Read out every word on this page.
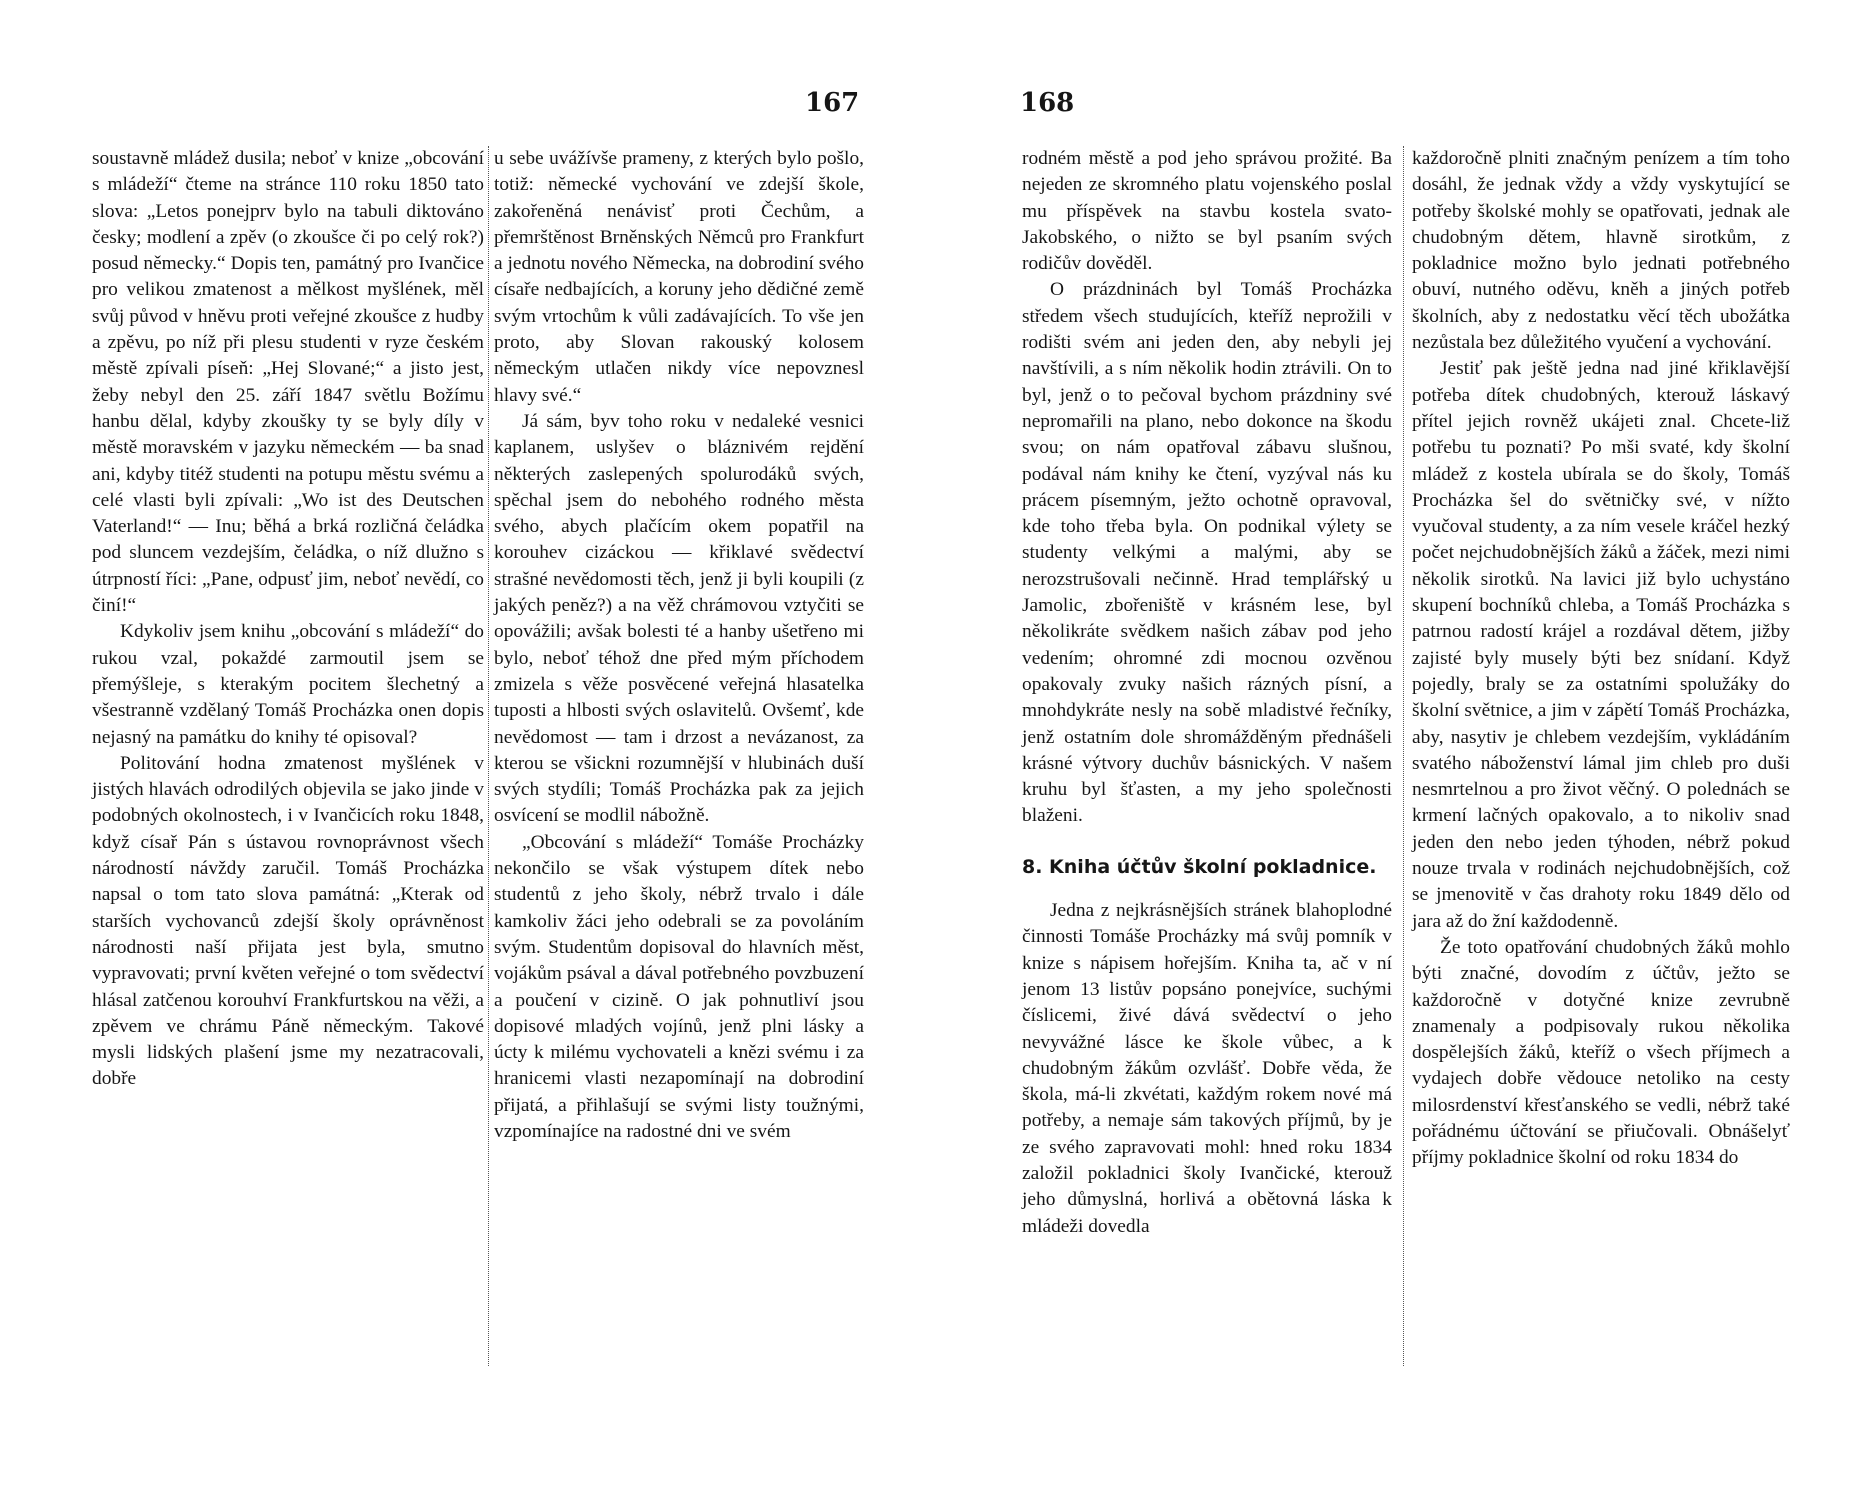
167

soustavně mládež dusila; neboť v knize „obcování s mládeží“ čteme na stránce 110 roku 1850 tato slova: „Letos ponejprv bylo na tabuli diktováno česky; modlení a zpěv (o zkoušce či po celý rok?) posud německy.“ Dopis ten, památný pro Ivančice pro velikou zmatenost a mělkost myšlének, měl svůj původ v hněvu proti veřejné zkoušce z hudby a zpěvu, po níž při plesu studenti v ryze českém městě zpívali píseň: „Hej Slované;“ a jisto jest, žeby nebyl den 25. září 1847 světlu Božímu hanbu dělal, kdyby zkoušky ty se byly díly v městě moravském v jazyku německém — ba snad ani, kdyby titéž studenti na potupu městu svému a celé vlasti byli zpívali: „Wo ist des Deutschen Vaterland!“ — Inu; běhá a brká rozličná čeládka pod sluncem vezdejším, čeládka, o níž dlužno s útrpností říci: „Pane, odpusť jim, neboť nevědí, co činí!“

Kdykoliv jsem knihu „obcování s mládeží“ do rukou vzal, pokaždé zarmoutil jsem se přemýšleje, s kterakým pocitem šlechetný a všestranně vzdělaný Tomáš Procházka onen dopis nejasný na památku do knihy té opisoval?

Politování hodna zmatenost myšlének v jistých hlavách odrodilých objevila se jako jinde v podobných okolnostech, i v Ivančicích roku 1848, když císař Pán s ústavou rovnoprávnost všech národností návždy zaručil. Tomáš Procházka napsal o tom tato slova památná: „Kterak od starších vychovanců zdejší školy oprávněnost národnosti naší přijata jest byla, smutno vypravovati; první květen veřejné o tom svědectví hlásal zatčenou korouhví Frankfurtskou na věži, a zpěvem ve chrámu Páně německým. Takové mysli lidských plašení jsme my nezatracovali, dobře

u sebe uvážívše prameny, z kterých bylo pošlo, totiž: německé vychování ve zdejší škole, zakořeněná nenávisť proti Čechům, a přemrštěnost Brněnských Němců pro Frankfurt a jednotu nového Německa, na dobrodiní svého císaře nedbajících, a koruny jeho dědičné země svým vrtochům k vůli zadávajících. To vše jen proto, aby Slovan rakouský kolosem německým utlačen nikdy více nepovznesl hlavy své.“

Já sám, byv toho roku v nedaleké vesnici kaplanem, uslyšev o bláznivém rejdění některých zaslepených spolurodáků svých, spěchal jsem do nebohého rodného města svého, abych plačícím okem popatřil na korouhev cizáckou — křiklavé svědectví strašné nevědomosti těch, jenž ji byli koupili (z jakých peněz?) a na věž chrámovou vztyčiti se opovážili; avšak bolesti té a hanby ušetřeno mi bylo, neboť téhož dne před mým příchodem zmizela s věže posvěcené veřejná hlasatelka tuposti a hlbosti svých oslavitelů. Ovšemť, kde nevědomost — tam i drzost a nevázanost, za kterou se všickni rozumnější v hlubinách duší svých stydíli; Tomáš Procházka pak za jejich osvícení se modlil nábožně.

„Obcování s mládeží“ Tomáše Procházky nekončilo se však výstupem dítek nebo studentů z jeho školy, nébrž trvalo i dále kamkoliv žáci jeho odebrali se za povoláním svým. Studentům dopisoval do hlavních měst, vojákům psával a dával potřebného povzbuzení a poučení v cizině. O jak pohnutliví jsou dopisové mladých vojínů, jenž plni lásky a úcty k milému vychovateli a knězi svému i za hranicemi vlasti nezapomínají na dobrodiní přijatá, a přihlašují se svými listy toužnými, vzpomínajíce na radostné dni ve svém

168

rodném městě a pod jeho správou prožité. Ba nejeden ze skromného platu vojenského poslal mu příspěvek na stavbu kostela svato-Jakobského, o nižto se byl psaním svých rodičův dověděl.

O prázdninách byl Tomáš Procházka středem všech studujících, kteříž neprožili v rodišti svém ani jeden den, aby nebyli jej navštívili, a s ním několik hodin ztrávili. On to byl, jenž o to pečoval bychom prázdniny své nepromařili na plano, nebo dokonce na škodu svou; on nám opatřoval zábavu slušnou, podával nám knihy ke čtení, vyzýval nás ku prácem písemným, ježto ochotně opravoval, kde toho třeba byla. On podnikal výlety se studenty velkými a malými, aby se nerozstrušovali nečinně. Hrad templářský u Jamolic, zbořeniště v krásném lese, byl několikráte svědkem našich zábav pod jeho vedením; ohromné zdi mocnou ozvěnou opakovaly zvuky našich rázných písní, a mnohdykráte nesly na sobě mladistvé řečníky, jenž ostatním dole shromážděným přednášeli krásné výtvory duchův básnických. V našem kruhu byl šťasten, a my jeho společnosti blaženi.

8. Kniha účtův školní pokladnice.

Jedna z nejkrásnějších stránek blahoplodné činnosti Tomáše Procházky má svůj pomník v knize s nápisem hořejším. Kniha ta, ač v ní jenom 13 listův popsáno ponejvíce, suchými číslicemi, živé dává svědectví o jeho nevyvážné lásce ke škole vůbec, a k chudobným žákům ozvlášť. Dobře věda, že škola, má-li zkvétati, každým rokem nové má potřeby, a nemaje sám takových příjmů, by je ze svého zapravovati mohl: hned roku 1834 založil pokladnici školy Ivančické, kterouž jeho důmyslná, horlivá a obětovná láska k mládeži dovedla

každoročně plniti značným penízem a tím toho dosáhl, že jednak vždy a vždy vyskytující se potřeby školské mohly se opatřovati, jednak ale chudobným dětem, hlavně sirotkům, z pokladnice možno bylo jednati potřebného obuví, nutného oděvu, kněh a jiných potřeb školních, aby z nedostatku věcí těch ubožátka nezůstala bez důležitého vyučení a vychování.

Jestiť pak ještě jedna nad jiné křiklavější potřeba dítek chudobných, kterouž láskavý přítel jejich rovněž ukájeti znal. Chcete-liž potřebu tu poznati? Po mši svaté, kdy školní mládež z kostela ubírala se do školy, Tomáš Procházka šel do světničky své, v nížto vyučoval studenty, a za ním vesele kráčel hezký počet nejchudobnějších žáků a žáček, mezi nimi několik sirotků. Na lavici již bylo uchystáno skupení bochníků chleba, a Tomáš Procházka s patrnou radostí krájel a rozdával dětem, jižby zajisté byly musely býti bez snídaní. Když pojedly, braly se za ostatními spolužáky do školní světnice, a jim v zápětí Tomáš Procházka, aby, nasytiv je chlebem vezdejším, vykládáním svatého náboženství lámal jim chleb pro duši nesmrtelnou a pro život věčný. O polednách se krmení lačných opakovalo, a to nikoliv snad jeden den nebo jeden týhoden, nébrž pokud nouze trvala v rodinách nejchudobnějších, což se jmenovitě v čas drahoty roku 1849 dělo od jara až do žní každodenně.

Že toto opatřování chudobných žáků mohlo býti značné, dovodím z účtův, ježto se každoročně v dotyčné knize zevrubně znamenaly a podpisovaly rukou několika dospělejších žáků, kteříž o všech příjmech a vydajech dobře vědouce netoliko na cesty milosrdenství křesťanského se vedli, nébrž také pořádnému účtování se přiučovali. Obnášelyť příjmy pokladnice školní od roku 1834 do
